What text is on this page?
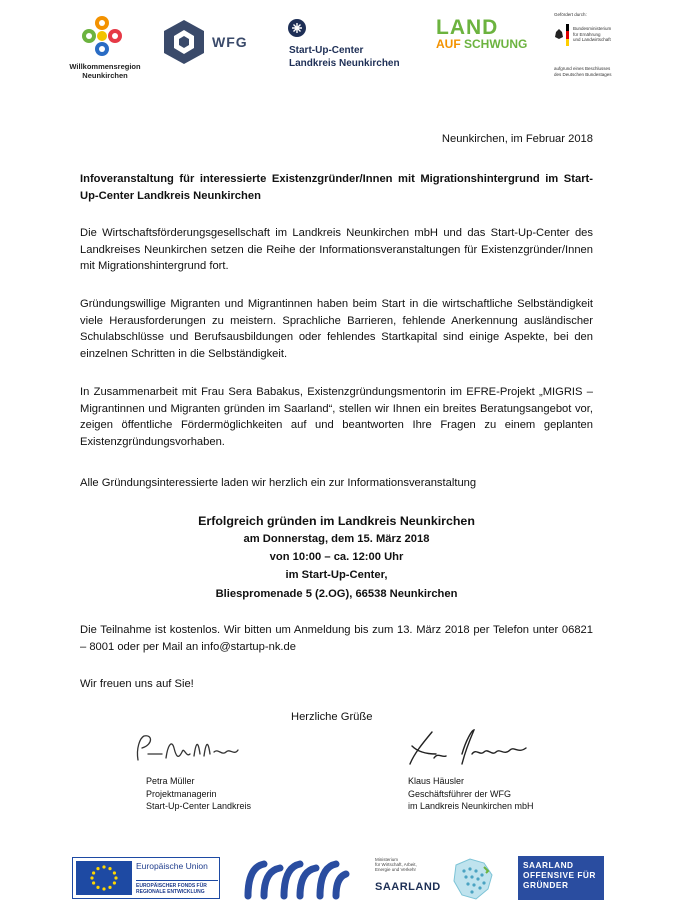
Willkommensregion
Neunkirchen
WFG
Start-Up-Center
Landkreis Neunkirchen
LAND
AUF SCHWUNG
Gefördert durch:
Bundesministerium
für Ernährung
und Landwirtschaft
aufgrund eines Beschlusses
des Deutschen Bundestages
Neunkirchen, im Februar 2018
Infoveranstaltung für interessierte Existenzgründer/Innen mit Migrationshintergrund im Start-Up-Center Landkreis Neunkirchen
Die Wirtschaftsförderungsgesellschaft im Landkreis Neunkirchen mbH und das Start-Up-Center des Landkreises Neunkirchen setzen die Reihe der Informationsveranstaltungen für Existenzgründer/Innen mit Migrationshintergrund fort.
Gründungswillige Migranten und Migrantinnen haben beim Start in die wirtschaftliche Selbständigkeit viele Herausforderungen zu meistern. Sprachliche Barrieren, fehlende Anerkennung ausländischer Schulabschlüsse und Berufsausbildungen oder fehlendes Startkapital sind einige Aspekte, bei den einzelnen Schritten in die Selbständigkeit.
In Zusammenarbeit mit Frau Sera Babakus, Existenzgründungsmentorin im EFRE-Projekt „MIGRIS – Migrantinnen und Migranten gründen im Saarland“, stellen wir Ihnen ein breites Beratungsangebot vor, zeigen öffentliche Fördermöglichkeiten auf und beantworten Ihre Fragen zu einem geplanten Existenzgründungsvorhaben.
Alle Gründungsinteressierte laden wir herzlich ein zur Informationsveranstaltung
Erfolgreich gründen im Landkreis Neunkirchen
am Donnerstag, dem 15. März 2018
von 10:00 – ca. 12:00 Uhr
im Start-Up-Center,
Bliespromenade 5 (2.OG), 66538 Neunkirchen
Die Teilnahme ist kostenlos. Wir bitten um Anmeldung bis zum 13. März 2018 per Telefon unter 06821 – 8001 oder per Mail an info@startup-nk.de
Wir freuen uns auf Sie!
Herzliche Grüße
Petra Müller
Projektmanagerin
Start-Up-Center Landkreis
Klaus Häusler
Geschäftsführer der WFG
im Landkreis Neunkirchen mbH
Europäische Union
EUROPÄISCHER FONDS FÜR
REGIONALE ENTWICKLUNG
Ministerium
für Wirtschaft, Arbeit,
Energie und Verkehr
SAARLAND
SAARLAND
OFFENSIVE FÜR
GRÜNDER
